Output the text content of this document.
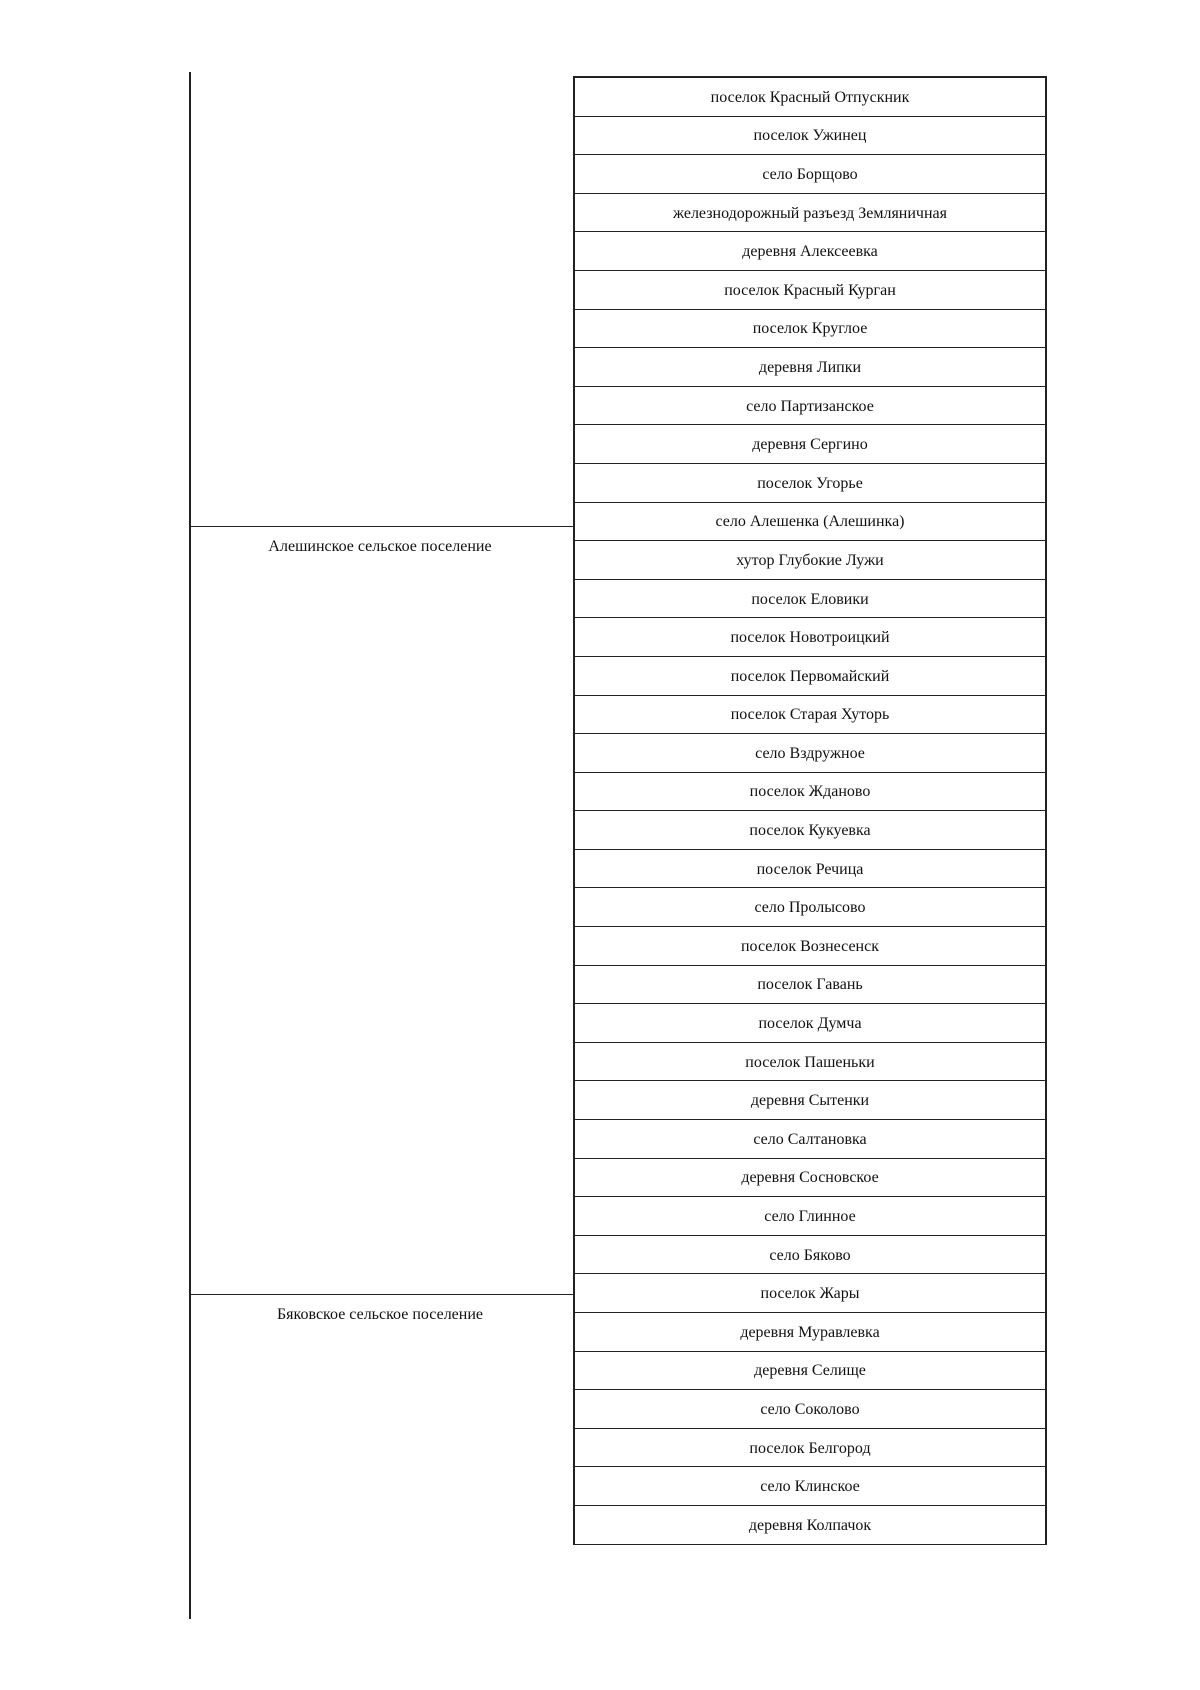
Алешинское сельское поселение
Бяковское сельское поселение
поселок Красный Отпускник
поселок Ужинец
село Борщово
железнодорожный разъезд Земляничная
деревня Алексеевка
поселок Красный Курган
поселок Круглое
деревня Липки
село Партизанское
деревня Сергино
поселок Угорье
село Алешенка (Алешинка)
хутор Глубокие Лужи
поселок Еловики
поселок Новотроицкий
поселок Первомайский
поселок Старая Хуторь
село Вздружное
поселок Жданово
поселок Кукуевка
поселок Речица
село Пролысово
поселок Вознесенск
поселок Гавань
поселок Думча
поселок Пашеньки
деревня Сытенки
село Салтановка
деревня Сосновское
село Глинное
село Бяково
поселок Жары
деревня Муравлевка
деревня Селище
село Соколово
поселок Белгород
село Клинское
деревня Колпачок
